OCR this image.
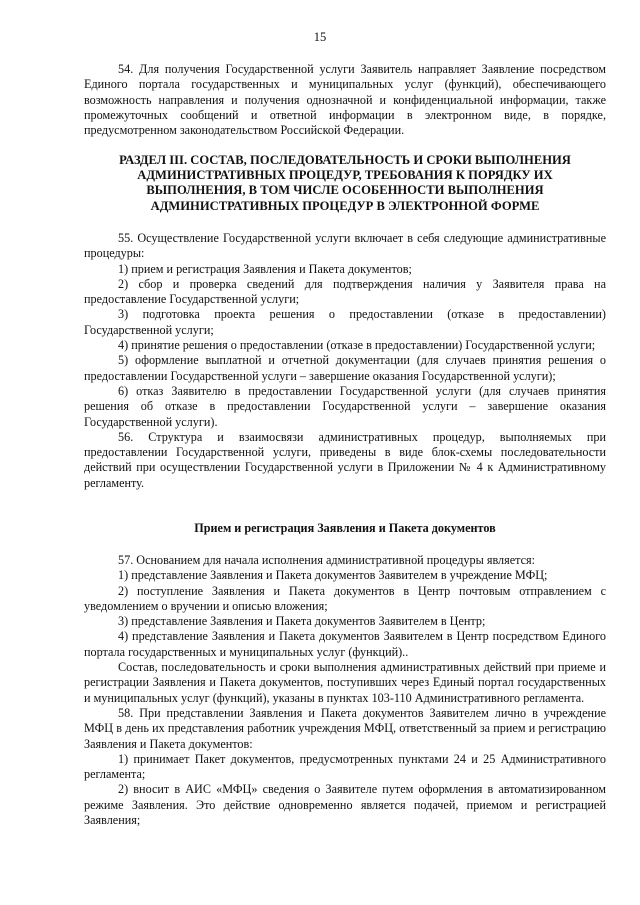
15

54. Для получения Государственной услуги Заявитель направляет Заявление посредством Единого портала государственных и муниципальных услуг (функций), обеспечивающего возможность направления и получения однозначной и конфиденциальной информации, также промежуточных сообщений и ответной информации в электронном виде, в порядке, предусмотренном законодательством Российской Федерации.

РАЗДЕЛ III. СОСТАВ, ПОСЛЕДОВАТЕЛЬНОСТЬ И СРОКИ ВЫПОЛНЕНИЯ АДМИНИСТРАТИВНЫХ ПРОЦЕДУР, ТРЕБОВАНИЯ К ПОРЯДКУ ИХ ВЫПОЛНЕНИЯ, В ТОМ ЧИСЛЕ ОСОБЕННОСТИ ВЫПОЛНЕНИЯ АДМИНИСТРАТИВНЫХ ПРОЦЕДУР В ЭЛЕКТРОННОЙ ФОРМЕ

55. Осуществление Государственной услуги включает в себя следующие административные процедуры:

1) прием и регистрация Заявления и Пакета документов;

2) сбор и проверка сведений для подтверждения наличия у Заявителя права на предоставление Государственной услуги;

3) подготовка проекта решения о предоставлении (отказе в предоставлении) Государственной услуги;

4) принятие решения о предоставлении (отказе в предоставлении) Государственной услуги;

5) оформление выплатной и отчетной документации (для случаев принятия решения о предоставлении Государственной услуги – завершение оказания Государственной услуги);

6) отказ Заявителю в предоставлении Государственной услуги (для случаев принятия решения об отказе в предоставлении Государственной услуги – завершение оказания Государственной услуги).

56. Структура и взаимосвязи административных процедур, выполняемых при предоставлении Государственной услуги, приведены в виде блок-схемы последовательности действий при осуществлении Государственной услуги в Приложении № 4 к Административному регламенту.

Прием и регистрация Заявления и Пакета документов

57. Основанием для начала исполнения административной процедуры является:

1) представление Заявления и Пакета документов Заявителем в учреждение МФЦ;

2) поступление Заявления и Пакета документов в Центр почтовым отправлением с уведомлением о вручении и описью вложения;

3) представление Заявления и Пакета документов Заявителем в Центр;

4) представление Заявления и Пакета документов Заявителем в Центр посредством Единого портала государственных и муниципальных услуг (функций)..

Состав, последовательность и сроки выполнения административных действий при приеме и регистрации Заявления и Пакета документов, поступивших через Единый портал государственных и муниципальных услуг (функций), указаны в пунктах 103-110 Административного регламента.

58. При представлении Заявления и Пакета документов Заявителем лично в учреждение МФЦ в день их представления работник учреждения МФЦ, ответственный за прием и регистрацию Заявления и Пакета документов:

1) принимает Пакет документов, предусмотренных пунктами 24 и 25 Административного регламента;

2) вносит в АИС «МФЦ» сведения о Заявителе путем оформления в автоматизированном режиме Заявления. Это действие одновременно является подачей, приемом и регистрацией Заявления;
